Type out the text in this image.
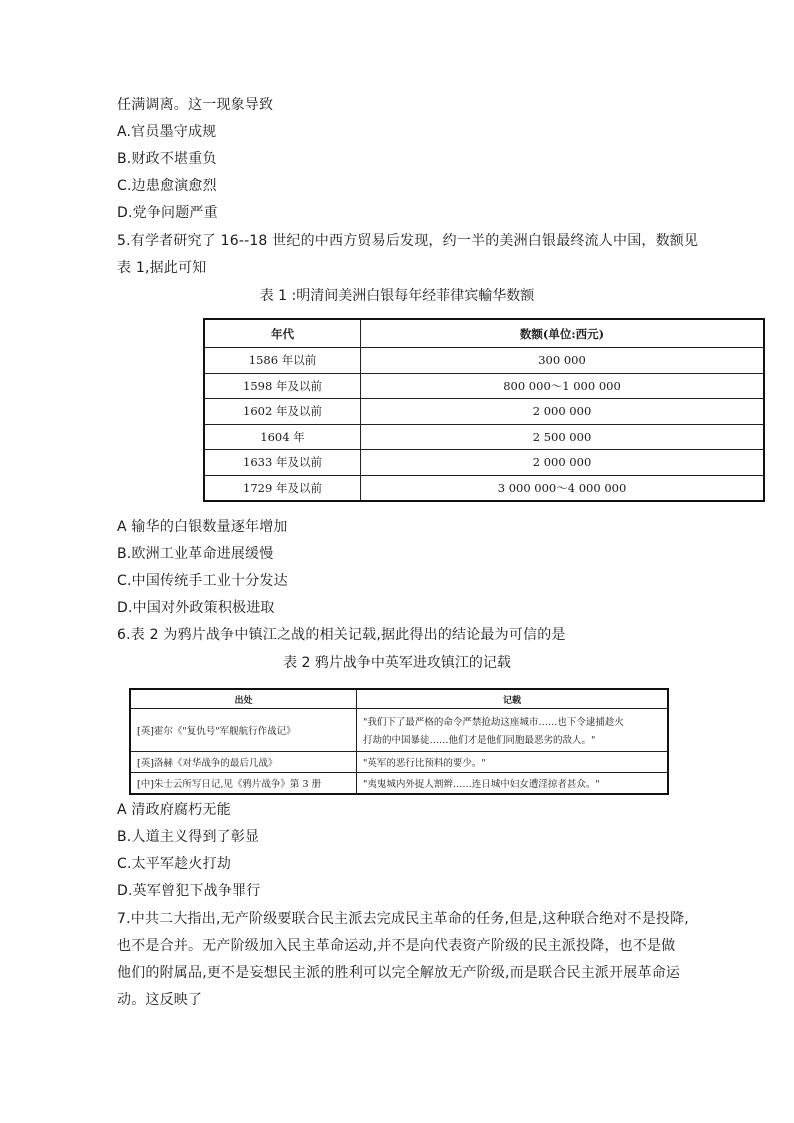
任满调离。这一现象导致
A.官员墨守成规
B.财政不堪重负
C.边患愈演愈烈
D.党争问题严重
5.有学者研究了 16--18 世纪的中西方贸易后发现，约一半的美洲白银最终流人中国，数额见
表 1,据此可知
表 1 :明清间美洲白银每年经菲律宾輸华数额
年代	数额(单位:西元)
1586 年以前	300 000
1598 年及以前	800 000～1 000 000
1602 年及以前	2 000 000
1604 年	2 500 000
1633 年及以前	2 000 000
1729 年及以前	3 000 000～4 000 000
A 输华的白银数量逐年增加
B.欧洲工业革命进展缓慢
C.中国传统手工业十分发达
D.中国对外政策积极进取
6.表 2 为鸦片战争中镇江之战的相关记载,据此得出的结论最为可信的是
表 2 鸦片战争中英军进攻镇江的记载
出处	记载
[英]霍尔《"复仇号"军舰航行作战记》	"我们下了最严格的命令严禁抢劫这座城市……也下令逮捕趁火
打劫的中国暴徒……他们才是他们同胞最恶劣的敌人。"

[英]洛赫《对华战争的最后几战》	"英军的恶行比预料的要少。"
[中]朱士云所写日记,见《鸦片战争》第 3 册	"夷鬼城内外捉人割辫……连日城中妇女遭淫掠者甚众。"
A 清政府腐朽无能
B.人道主义得到了彰显
C.太平军趁火打劫
D.英军曾犯下战争罪行
7.中共二大指出,无产阶级要联合民主派去完成民主革命的任务,但是,这种联合绝对不是投降,
也不是合并。无产阶级加入民主革命运动,并不是向代表资产阶级的民主派投降，也不是做
他们的附属品,更不是妄想民主派的胜利可以完全解放无产阶级,而是联合民主派开展革命运
动。这反映了
